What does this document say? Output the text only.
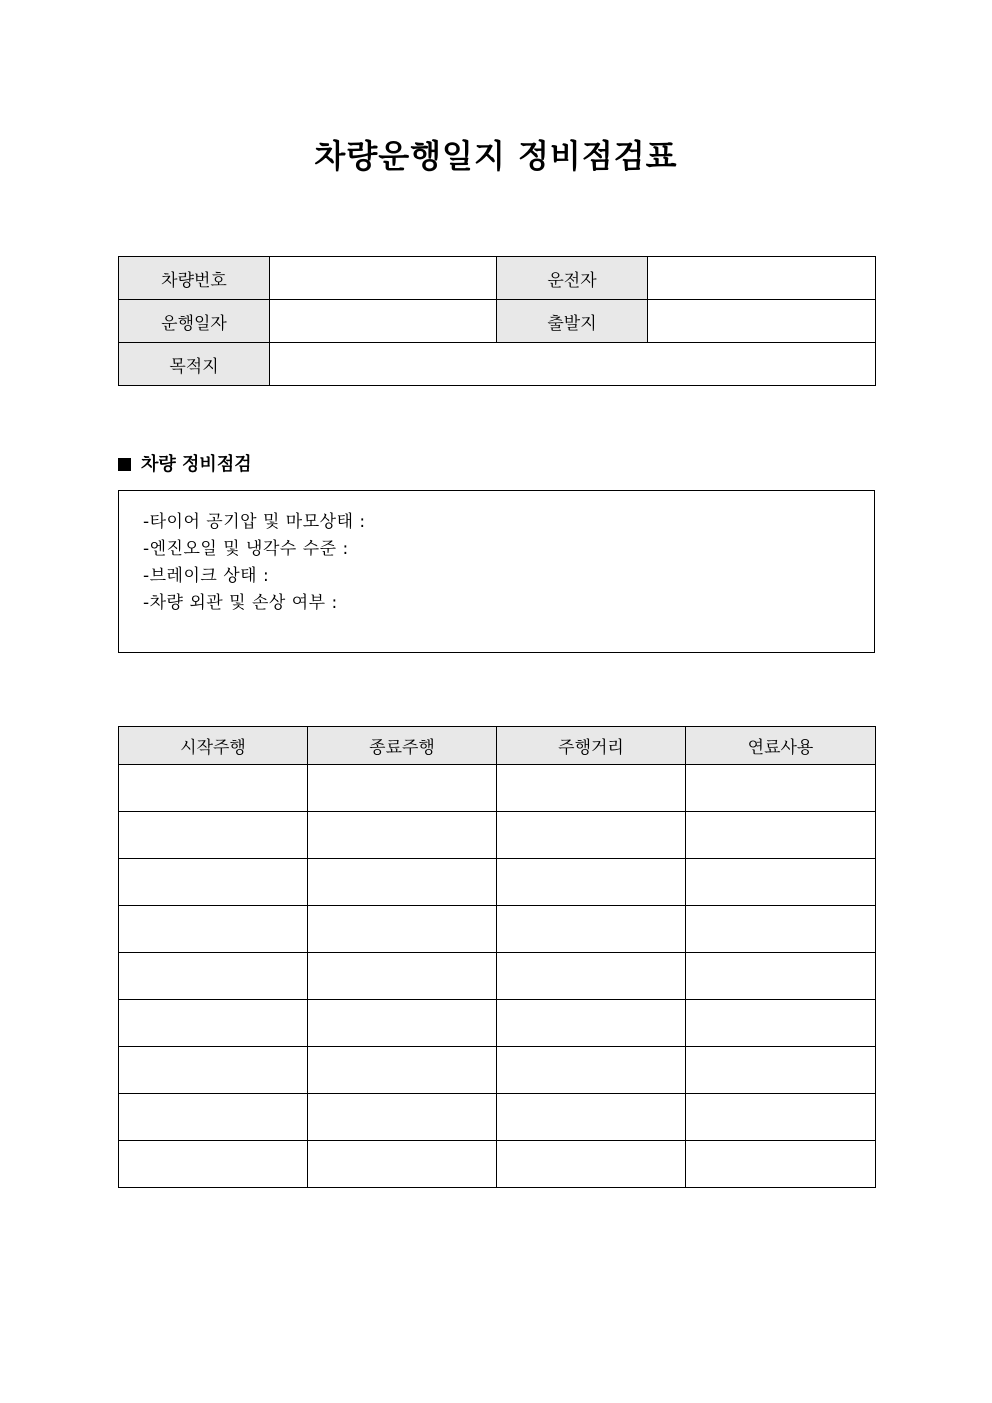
차량운행일지 정비점검표
차량번호		운전자	
운행일자		출발지	
목적지			
차량 정비점검
-타이어 공기압 및 마모상태 :
-엔진오일 및 냉각수 수준 :
-브레이크 상태 :
-차량 외관 및 손상 여부 :
시작주행	종료주행	주행거리	연료사용
